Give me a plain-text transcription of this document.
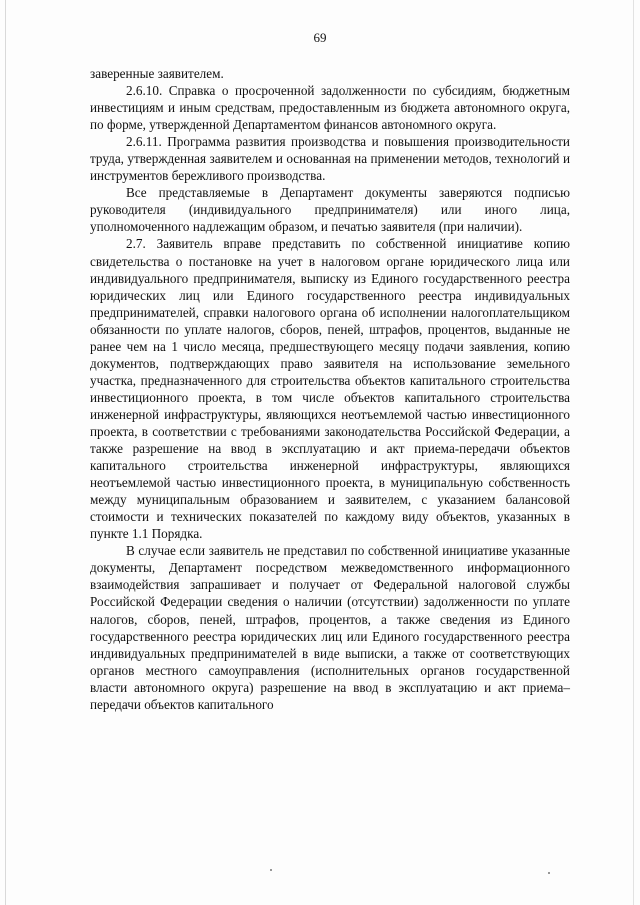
69

заверенные заявителем.

2.6.10. Справка о просроченной задолженности по субсидиям, бюджетным инвестициям и иным средствам, предоставленным из бюджета автономного округа, по форме, утвержденной Департаментом финансов автономного округа.

2.6.11. Программа развития производства и повышения производительности труда, утвержденная заявителем и основанная на применении методов, технологий и инструментов бережливого производства.

Все представляемые в Департамент документы заверяются подписью руководителя (индивидуального предпринимателя) или иного лица, уполномоченного надлежащим образом, и печатью заявителя (при наличии).

2.7. Заявитель вправе представить по собственной инициативе копию свидетельства о постановке на учет в налоговом органе юридического лица или индивидуального предпринимателя, выписку из Единого государственного реестра юридических лиц или Единого государственного реестра индивидуальных предпринимателей, справки налогового органа об исполнении налогоплательщиком обязанности по уплате налогов, сборов, пеней, штрафов, процентов, выданные не ранее чем на 1 число месяца, предшествующего месяцу подачи заявления, копию документов, подтверждающих право заявителя на использование земельного участка, предназначенного для строительства объектов капитального строительства инвестиционного проекта, в том числе объектов капитального строительства инженерной инфраструктуры, являющихся неотъемлемой частью инвестиционного проекта, в соответствии с требованиями законодательства Российской Федерации, а также разрешение на ввод в эксплуатацию и акт приема-передачи объектов капитального строительства инженерной инфраструктуры, являющихся неотъемлемой частью инвестиционного проекта, в муниципальную собственность между муниципальным образованием и заявителем, с указанием балансовой стоимости и технических показателей по каждому виду объектов, указанных в пункте 1.1 Порядка.

В случае если заявитель не представил по собственной инициативе указанные документы, Департамент посредством межведомственного информационного взаимодействия запрашивает и получает от Федеральной налоговой службы Российской Федерации сведения о наличии (отсутствии) задолженности по уплате налогов, сборов, пеней, штрафов, процентов, а также сведения из Единого государственного реестра юридических лиц или Единого государственного реестра индивидуальных предпринимателей в виде выписки, а также от соответствующих органов местного самоуправления (исполнительных органов государственной власти автономного округа) разрешение на ввод в эксплуатацию и акт приема–передачи объектов капитального
